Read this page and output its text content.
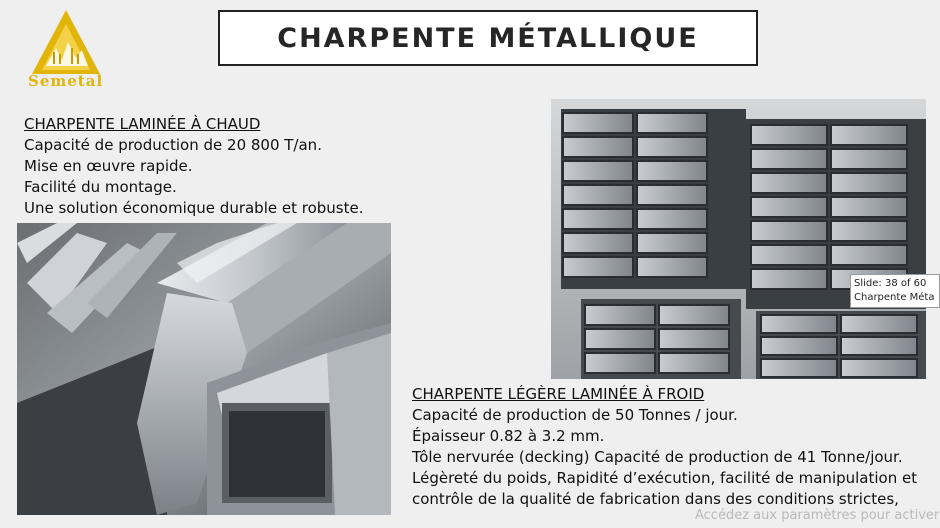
Semetal
CHARPENTE MÉTALLIQUE
CHARPENTE LAMINÉE À CHAUD
Capacité de production de 20 800 T/an.
Mise en œuvre rapide.
Facilité du montage.
Une solution économique durable et robuste.
CHARPENTE LÉGÈRE LAMINÉE À FROID
Capacité de production de 50 Tonnes / jour.
Épaisseur 0.82 à 3.2 mm.
Tôle nervurée (decking) Capacité de production de 41 Tonne/jour.
Légèreté du poids, Rapidité d’exécution, facilité de manipulation et
contrôle de la qualité de fabrication dans des conditions strictes,
Slide: 38 of 60
Charpente Méta
Accédez aux paramètres pour activer
